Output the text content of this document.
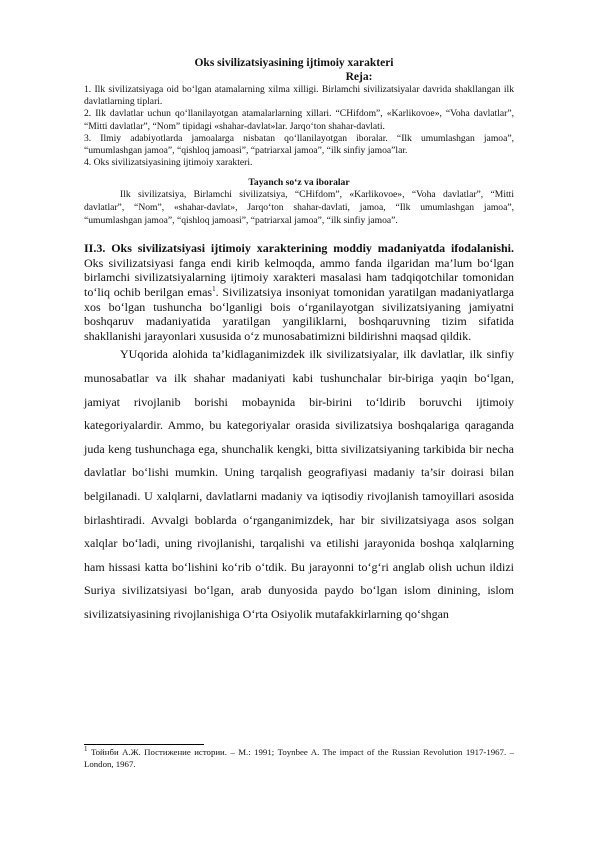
Oks sivilizatsiyasining ijtimoiy xarakteri
Reja:

1. Ilk sivilizatsiyaga oid bo‘lgan atamalarning xilma xilligi. Birlamchi sivilizatsiyalar davrida shakllangan ilk davlatlarning tiplari.

2. Ilk davlatlar uchun qo‘llanilayotgan atamalarlarning xillari. “CHifdom”, «Karlikovoe», “Voha davlatlar”, “Mitti davlatlar”, “Nom” tipidagi «shahar-davlat»lar. Jarqo‘ton shahar-davlati.

3. Ilmiy adabiyotlarda jamoalarga nisbatan qo‘llanilayotgan iboralar. “Ilk umumlashgan jamoa”, “umumlashgan jamoa”, “qishloq jamoasi”, “patriarxal jamoa”, “ilk sinfiy jamoa”lar.

4. Oks sivilizatsiyasining ijtimoiy xarakteri.

Tayanch so‘z va iboralar

Ilk sivilizatsiya, Birlamchi sivilizatsiya, “CHifdom”, «Karlikovoe», “Voha davlatlar”, “Mitti davlatlar”, “Nom”, «shahar-davlat», Jarqo‘ton shahar-davlati, jamoa, “Ilk umumlashgan jamoa”, “umumlashgan jamoa”, “qishloq jamoasi”, “patriarxal jamoa”, “ilk sinfiy jamoa”.

II.3. Oks sivilizatsiyasi ijtimoiy xarakterining moddiy madaniyatda ifodalanishi. Oks sivilizatsiyasi fanga endi kirib kelmoqda, ammo fanda ilgaridan ma’lum bo‘lgan birlamchi sivilizatsiyalarning ijtimoiy xarakteri masalasi ham tadqiqotchilar tomonidan to‘liq ochib berilgan emas$^1$. Sivilizatsiya insoniyat tomonidan yaratilgan madaniyatlarga xos bo‘lgan tushuncha bo‘lganligi bois o‘rganilayotgan sivilizatsiyaning jamiyatni boshqaruv madaniyatida yaratilgan yangiliklarni, boshqaruvning tizim sifatida shakllanishi jarayonlari xususida o‘z munosabatimizni bildirishni maqsad qildik.

YUqorida alohida ta’kidlaganimizdek ilk sivilizatsiyalar, ilk davlatlar, ilk sinfiy munosabatlar va ilk shahar madaniyati kabi tushunchalar bir-biriga yaqin bo‘lgan, jamiyat rivojlanib borishi mobaynida bir-birini to‘ldirib boruvchi ijtimoiy kategoriyalardir. Ammo, bu kategoriyalar orasida sivilizatsiya boshqalariga qaraganda juda keng tushunchaga ega, shunchalik kengki, bitta sivilizatsiyaning tarkibida bir necha davlatlar bo‘lishi mumkin. Uning tarqalish geografiyasi madaniy ta’sir doirasi bilan belgilanadi. U xalqlarni, davlatlarni madaniy va iqtisodiy rivojlanish tamoyillari asosida birlashtiradi. Avvalgi boblarda o‘rganganimizdek, har bir sivilizatsiyaga asos solgan xalqlar bo‘ladi, uning rivojlanishi, tarqalishi va etilishi jarayonida boshqa xalqlarning ham hissasi katta bo‘lishini ko‘rib o‘tdik. Bu jarayonni to‘g‘ri anglab olish uchun ildizi Suriya sivilizatsiyasi bo‘lgan, arab dunyosida paydo bo‘lgan islom dinining, islom sivilizatsiyasining rivojlanishiga O‘rta Osiyolik mutafakkirlarning qo‘shgan

$^1$ Тойнби А.Ж. Постижение истории. – М.: 1991; Toynbee A. The impact of the Russian Revolution 1917-1967. – London, 1967.
